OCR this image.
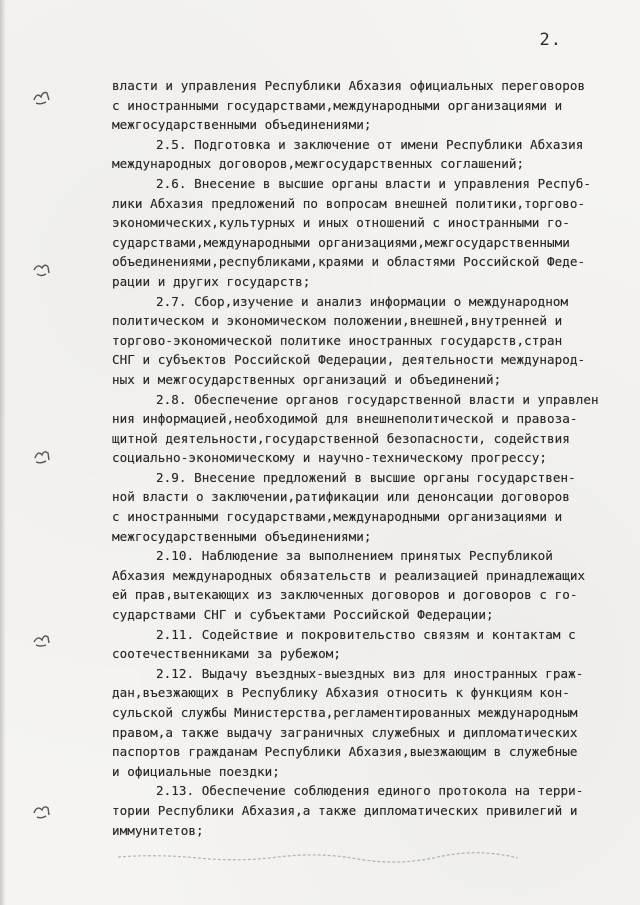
2.
власти и управления Республики Абхазия официальных переговоров
с иностранными государствами,международными организациями и
межгосударственными объединениями;
2.5. Подготовка и заключение от имени Республики Абхазия
международных договоров,межгосударственных соглашений;
2.6. Внесение в высшие органы власти и управления Респуб-
лики Абхазия предложений по вопросам внешней политики,торгово-
экономических,культурных и иных отношений с иностранными го-
сударствами,международными организациями,межгосударственными
объединениями,республиками,краями и областями Российской Феде-
рации и других государств;
2.7. Сбор,изучение и анализ информации о международном
политическом и экономическом положении,внешней,внутренней и
торгово-экономической политике иностранных государств,стран
СНГ и субъектов Российской Федерации, деятельности международ-
ных и межгосударственных организаций и объединений;
2.8. Обеспечение органов государственной власти и управлен
ния информацией,необходимой для внешнеполитической и правоза-
щитной деятельности,государственной безопасности, содействия
социально-экономическому и научно-техническому прогрессу;
2.9. Внесение предложений в высшие органы государствен-
ной власти о заключении,ратификации или денонсации договоров
с иностранными государствами,международными организациями и
межгосударственными объединениями;
2.10. Наблюдение за выполнением принятых Республикой
Абхазия международных обязательств и реализацией принадлежащих
ей прав,вытекающих из заключенных договоров и договоров с го-
сударствами СНГ и субъектами Российской Федерации;
2.11. Содействие и покровительство связям и контактам с
соотечественниками за рубежом;
2.12. Выдачу въездных-выездных виз для иностранных граж-
дан,въезжающих в Республику Абхазия относить к функциям кон-
сульской службы Министерства,регламентированных международным
правом,а также выдачу заграничных служебных и дипломатических
паспортов гражданам Республики Абхазия,выезжающим в служебные
и официальные поездки;
2.13. Обеспечение соблюдения единого протокола на терри-
тории Республики Абхазия,а также дипломатических привилегий и
иммунитетов;
